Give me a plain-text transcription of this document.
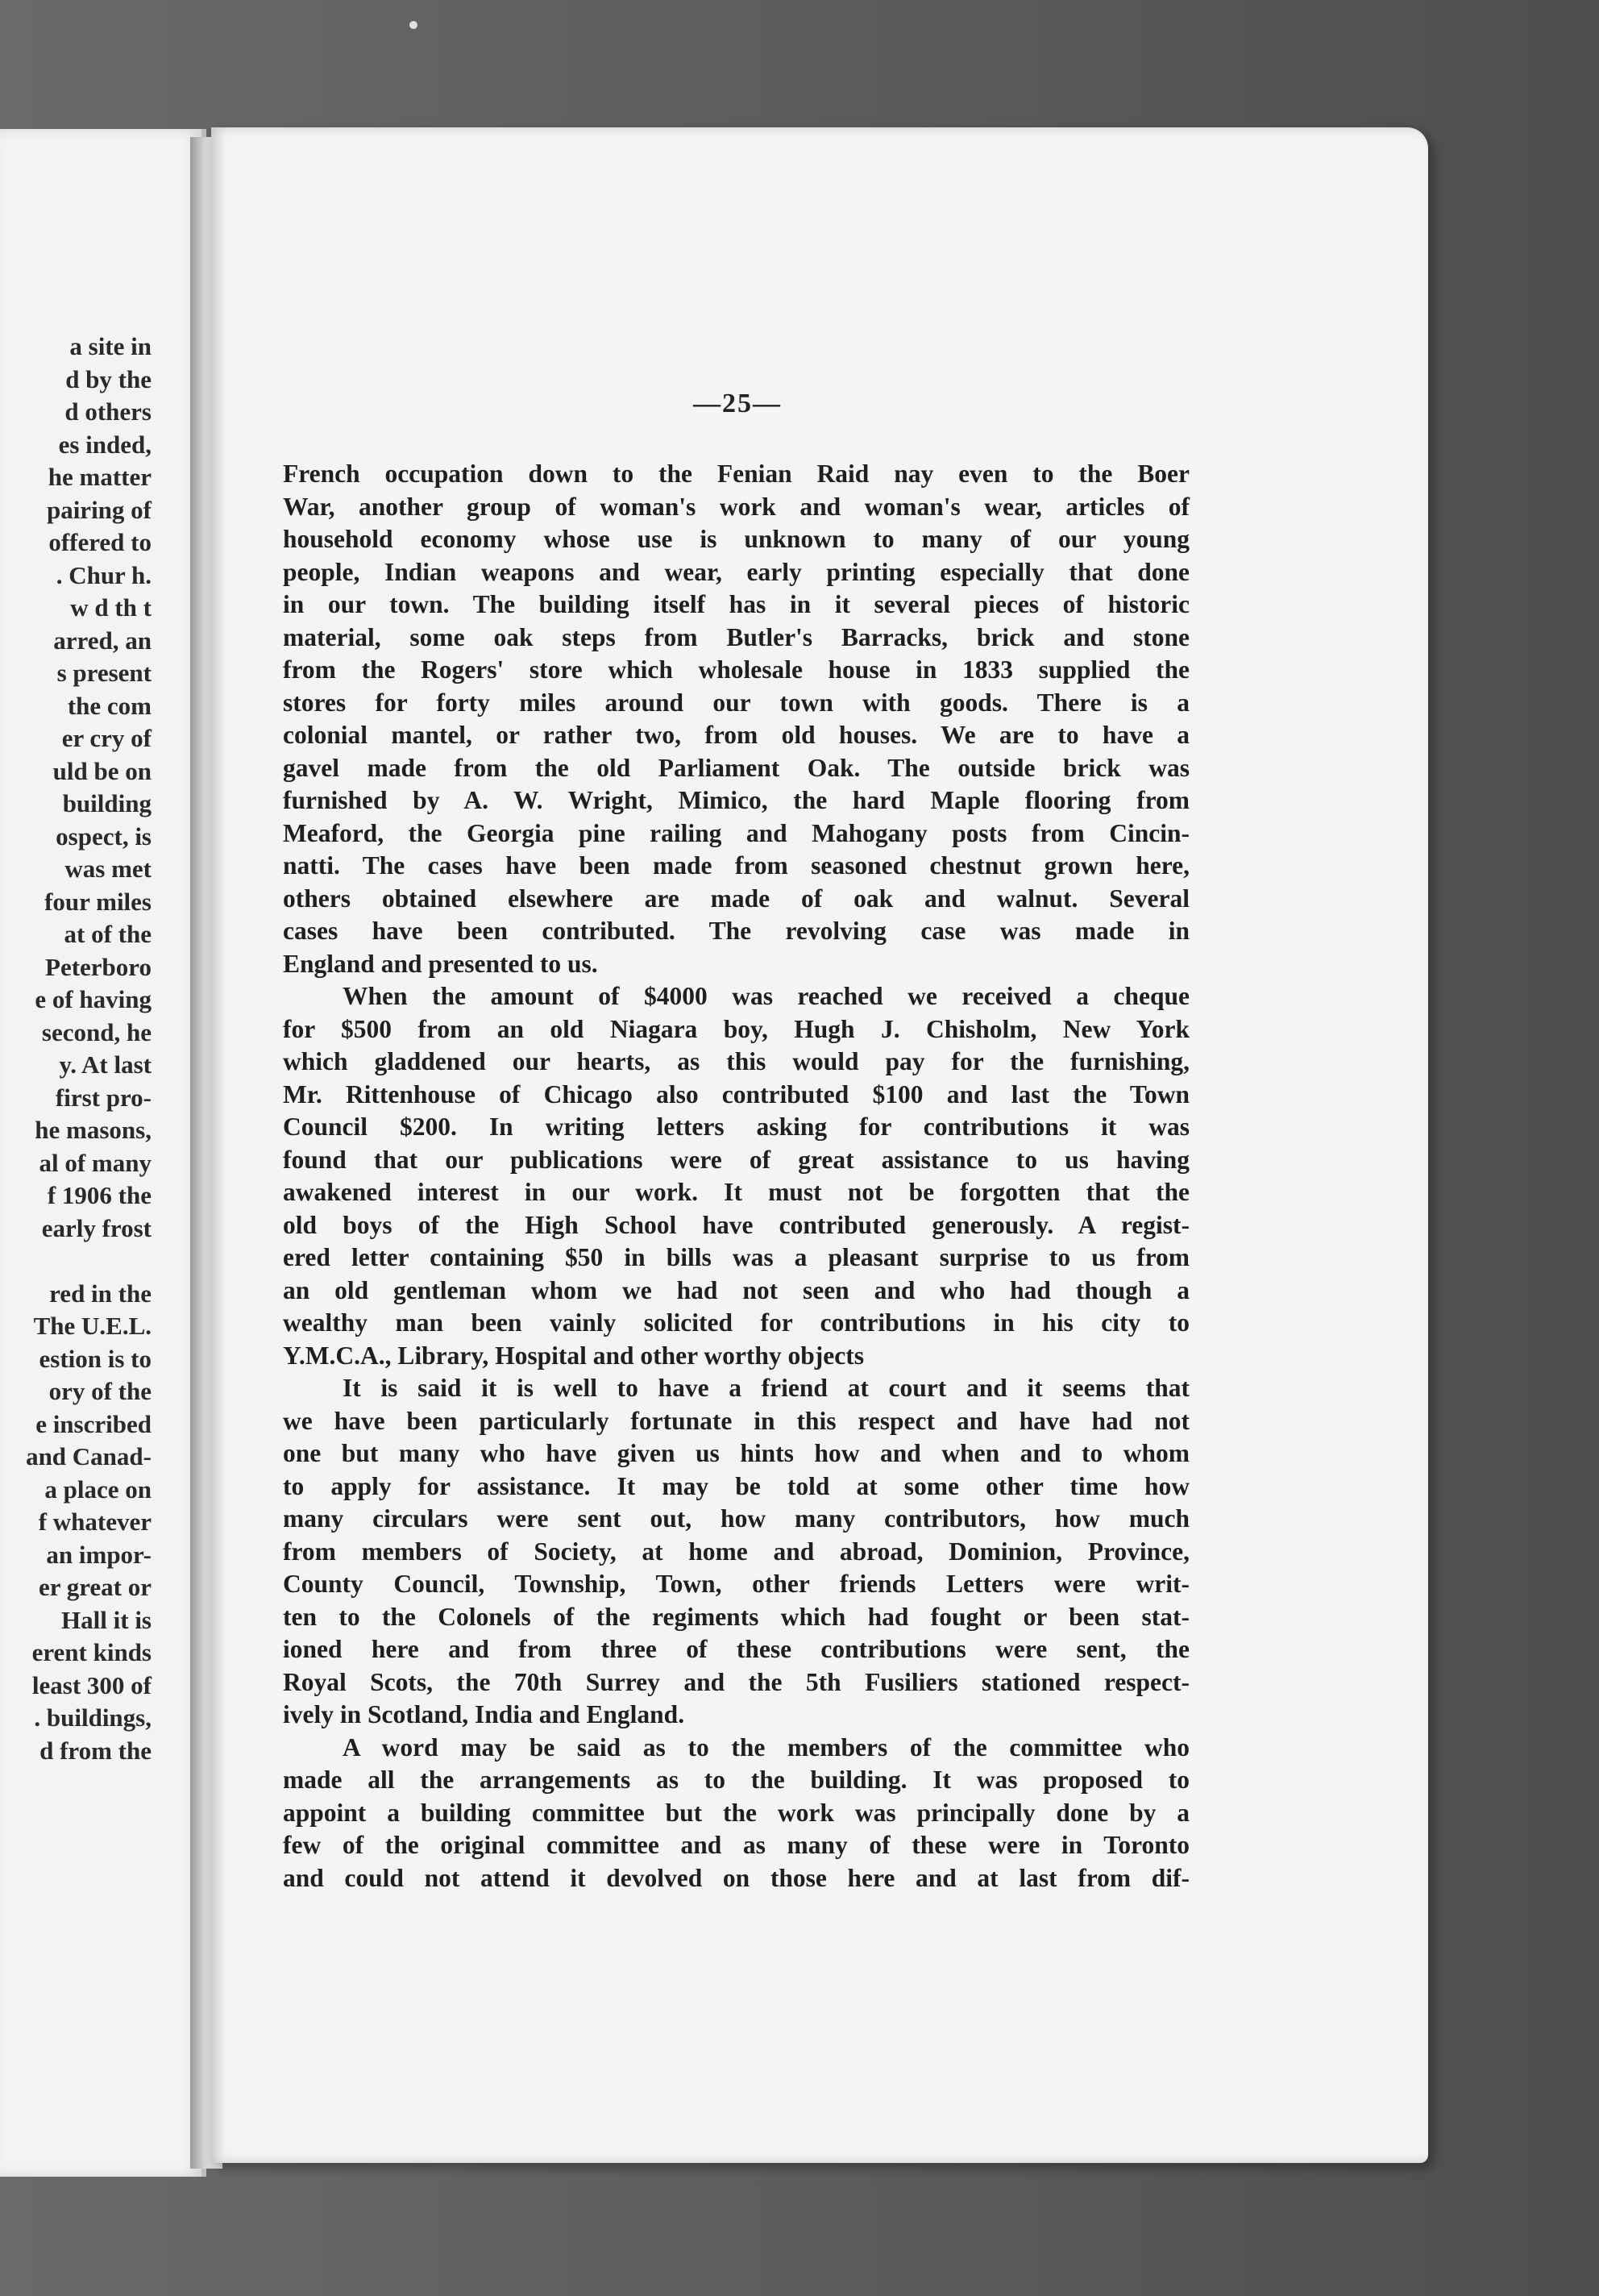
a site in
d by the
d others
es inded,
he matter
pairing of
offered to
. Chur h.
w d th t
arred, an
s present
the com
er cry of
uld be on
building
ospect, is
was met
four miles
at of the
Peterboro
e of having
second, he
y. At last
first pro-
he masons,
al of many
f 1906 the
early frost
red in the
The U.E.L.
estion is to
ory of the
e inscribed
and Canad-
a place on
f whatever
an impor-
er great or
Hall it is
erent kinds
least 300 of
. buildings,
d from the
—25—
French occupation down to the Fenian Raid nay even to the Boer
War, another group of woman's work and woman's wear, articles of
household economy whose use is unknown to many of our young
people, Indian weapons and wear, early printing especially that done
in our town. The building itself has in it several pieces of historic
material, some oak steps from Butler's Barracks, brick and stone
from the Rogers' store which wholesale house in 1833 supplied the
stores for forty miles around our town with goods. There is a
colonial mantel, or rather two, from old houses. We are to have a
gavel made from the old Parliament Oak. The outside brick was
furnished by A. W. Wright, Mimico, the hard Maple flooring from
Meaford, the Georgia pine railing and Mahogany posts from Cincin-
natti. The cases have been made from seasoned chestnut grown here,
others obtained elsewhere are made of oak and walnut. Several
cases have been contributed. The revolving case was made in
England and presented to us.
When the amount of $4000 was reached we received a cheque
for $500 from an old Niagara boy, Hugh J. Chisholm, New York
which gladdened our hearts, as this would pay for the furnishing,
Mr. Rittenhouse of Chicago also contributed $100 and last the Town
Council $200. In writing letters asking for contributions it was
found that our publications were of great assistance to us having
awakened interest in our work. It must not be forgotten that the
old boys of the High School have contributed generously. A regist-
ered letter containing $50 in bills was a pleasant surprise to us from
an old gentleman whom we had not seen and who had though a
wealthy man been vainly solicited for contributions in his city to
Y.M.C.A., Library, Hospital and other worthy objects
It is said it is well to have a friend at court and it seems that
we have been particularly fortunate in this respect and have had not
one but many who have given us hints how and when and to whom
to apply for assistance. It may be told at some other time how
many circulars were sent out, how many contributors, how much
from members of Society, at home and abroad, Dominion, Province,
County Council, Township, Town, other friends Letters were writ-
ten to the Colonels of the regiments which had fought or been stat-
ioned here and from three of these contributions were sent, the
Royal Scots, the 70th Surrey and the 5th Fusiliers stationed respect-
ively in Scotland, India and England.
A word may be said as to the members of the committee who
made all the arrangements as to the building. It was proposed to
appoint a building committee but the work was principally done by a
few of the original committee and as many of these were in Toronto
and could not attend it devolved on those here and at last from dif-
